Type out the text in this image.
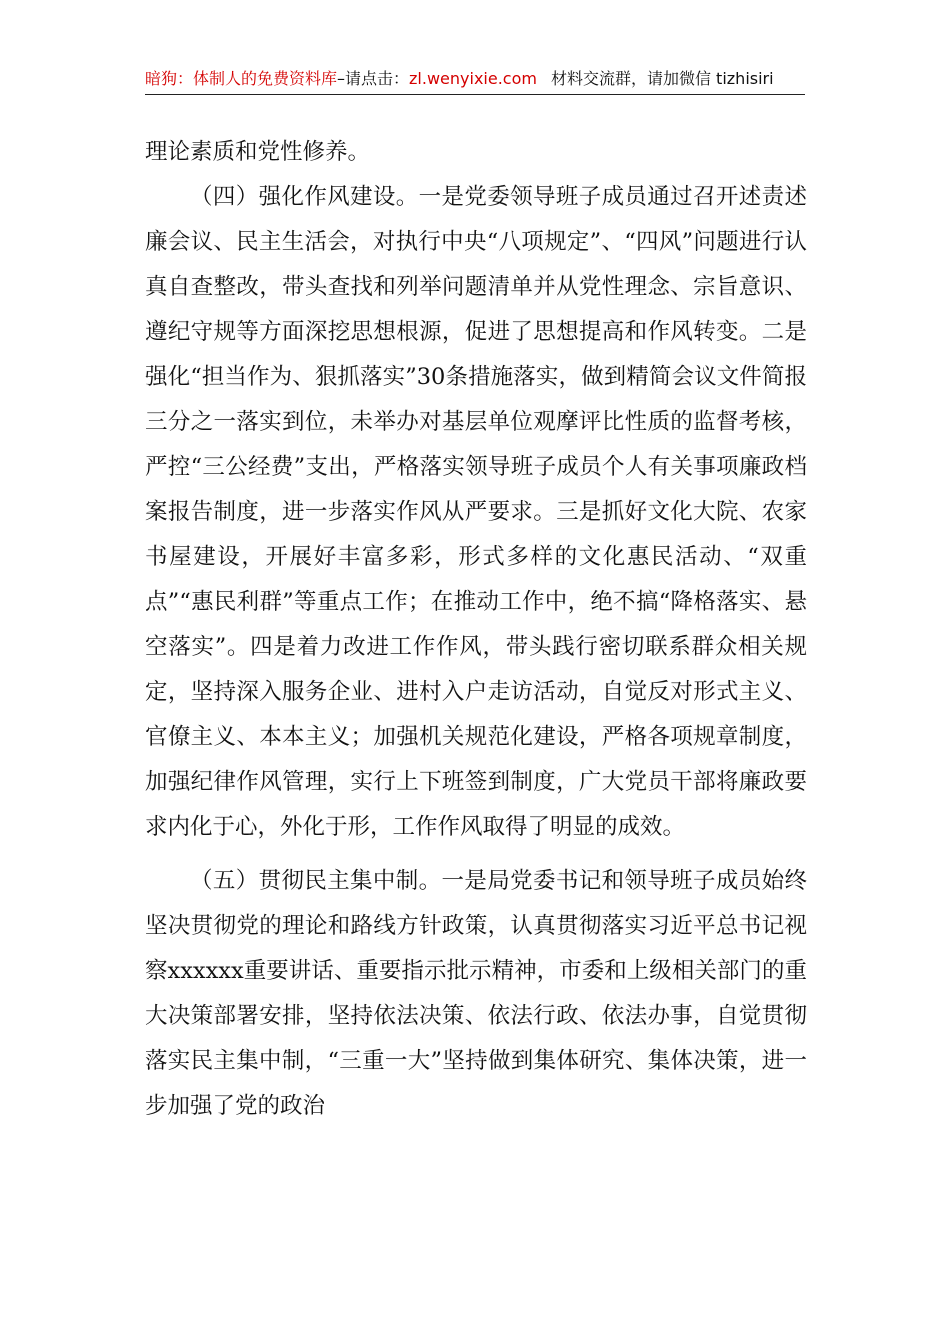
暗狗：体制人的免费资料库–请点击：zl.wenyixie.com 材料交流群，请加微信 tizhisiri

理论素质和党性修养。

（四）强化作风建设。一是党委领导班子成员通过召开述责述廉会议、民主生活会，对执行中央“八项规定”、“四风”问题进行认真自查整改，带头查找和列举问题清单并从党性理念、宗旨意识、遵纪守规等方面深挖思想根源，促进了思想提高和作风转变。二是强化“担当作为、狠抓落实”30条措施落实，做到精简会议文件简报三分之一落实到位，未举办对基层单位观摩评比性质的监督考核，严控“三公经费”支出，严格落实领导班子成员个人有关事项廉政档案报告制度，进一步落实作风从严要求。三是抓好文化大院、农家书屋建设，开展好丰富多彩，形式多样的文化惠民活动、“双重点”“惠民利群”等重点工作；在推动工作中，绝不搞“降格落实、悬空落实”。四是着力改进工作作风，带头践行密切联系群众相关规定，坚持深入服务企业、进村入户走访活动，自觉反对形式主义、官僚主义、本本主义；加强机关规范化建设，严格各项规章制度，加强纪律作风管理，实行上下班签到制度，广大党员干部将廉政要求内化于心，外化于形，工作作风取得了明显的成效。

（五）贯彻民主集中制。一是局党委书记和领导班子成员始终坚决贯彻党的理论和路线方针政策，认真贯彻落实习近平总书记视察xxxxxx重要讲话、重要指示批示精神，市委和上级相关部门的重大决策部署安排，坚持依法决策、依法行政、依法办事，自觉贯彻落实民主集中制，“三重一大”坚持做到集体研究、集体决策，进一步加强了党的政治
